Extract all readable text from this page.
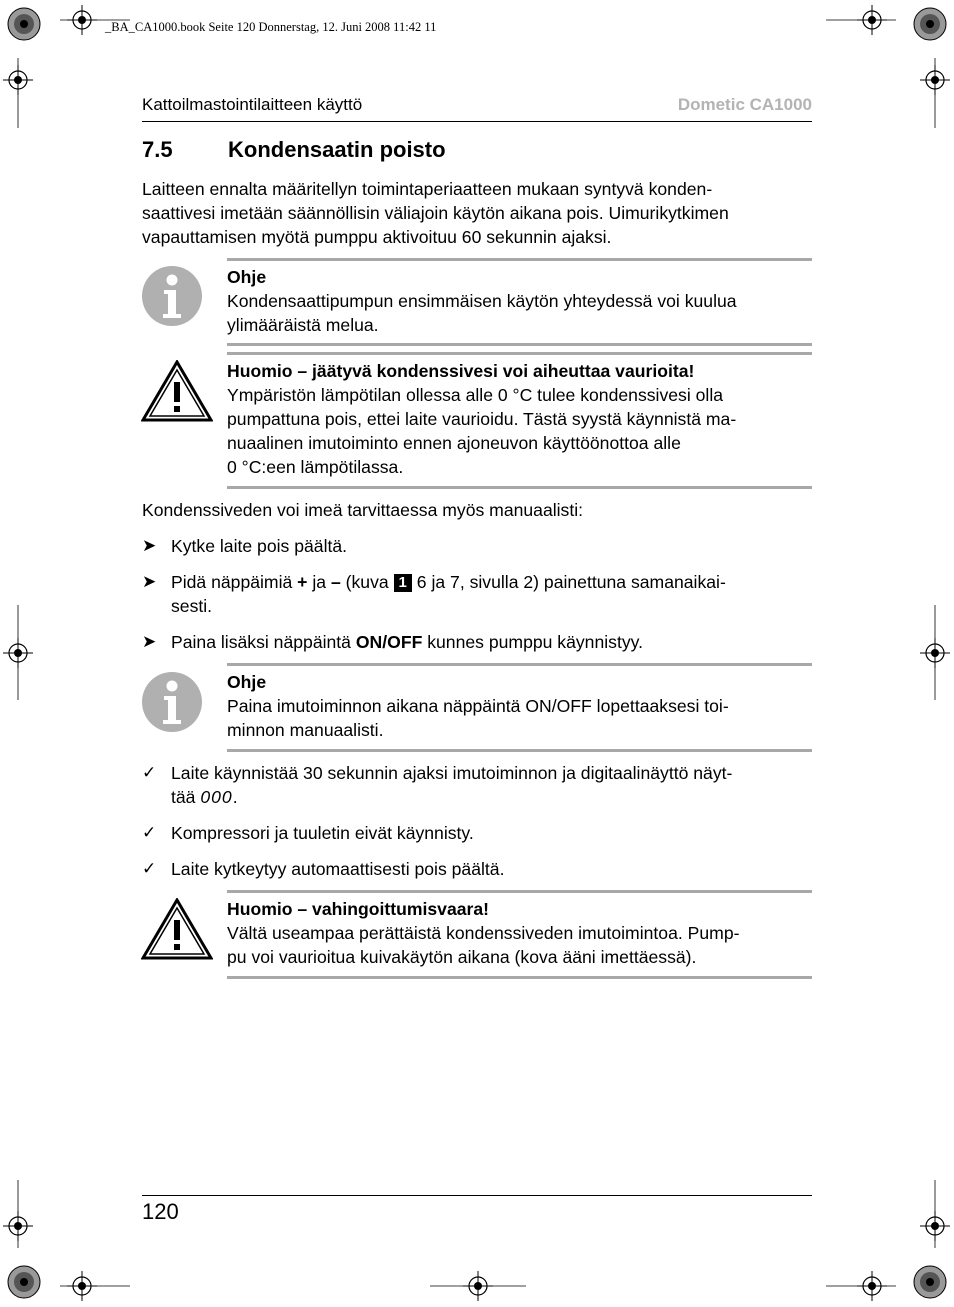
_BA_CA1000.book Seite 120 Donnerstag, 12. Juni 2008 11:42 11
Kattoilmastointilaitteen käyttö	Dometic CA1000
7.5	Kondensaatin poisto
Laitteen ennalta määritellyn toimintaperiaatteen mukaan syntyvä konden-
saattivesi imetään säännöllisin väliajoin käytön aikana pois. Uimurikytkimen
vapauttamisen myötä pumppu aktivoituu 60 sekunnin ajaksi.
Ohje
Kondensaattipumpun ensimmäisen käytön yhteydessä voi kuulua
ylimääräistä melua.
Huomio – jäätyvä kondenssivesi voi aiheuttaa vaurioita!
Ympäristön lämpötilan ollessa alle 0 °C tulee kondenssivesi olla
pumpattuna pois, ettei laite vaurioidu. Tästä syystä käynnistä ma-
nuaalinen imutoiminto ennen ajoneuvon käyttöönottoa alle
0 °C:een lämpötilassa.
Kondenssiveden voi imeä tarvittaessa myös manuaalisti:
➤ Kytke laite pois päältä.
➤ Pidä näppäimiä + ja – (kuva 1 6 ja 7, sivulla 2) painettuna samanaikai-
sesti.
➤ Paina lisäksi näppäintä ON/OFF kunnes pumppu käynnistyy.
Ohje
Paina imutoiminnon aikana näppäintä ON/OFF lopettaaksesi toi-
minnon manuaalisti.
✓ Laite käynnistää 30 sekunnin ajaksi imutoiminnon ja digitaalinäyttö näyt-
tää 000.
✓ Kompressori ja tuuletin eivät käynnisty.
✓ Laite kytkeytyy automaattisesti pois päältä.
Huomio – vahingoittumisvaara!
Vältä useampaa perättäistä kondenssiveden imutoimintoa. Pump-
pu voi vaurioitua kuivakäytön aikana (kova ääni imettäessä).
120
